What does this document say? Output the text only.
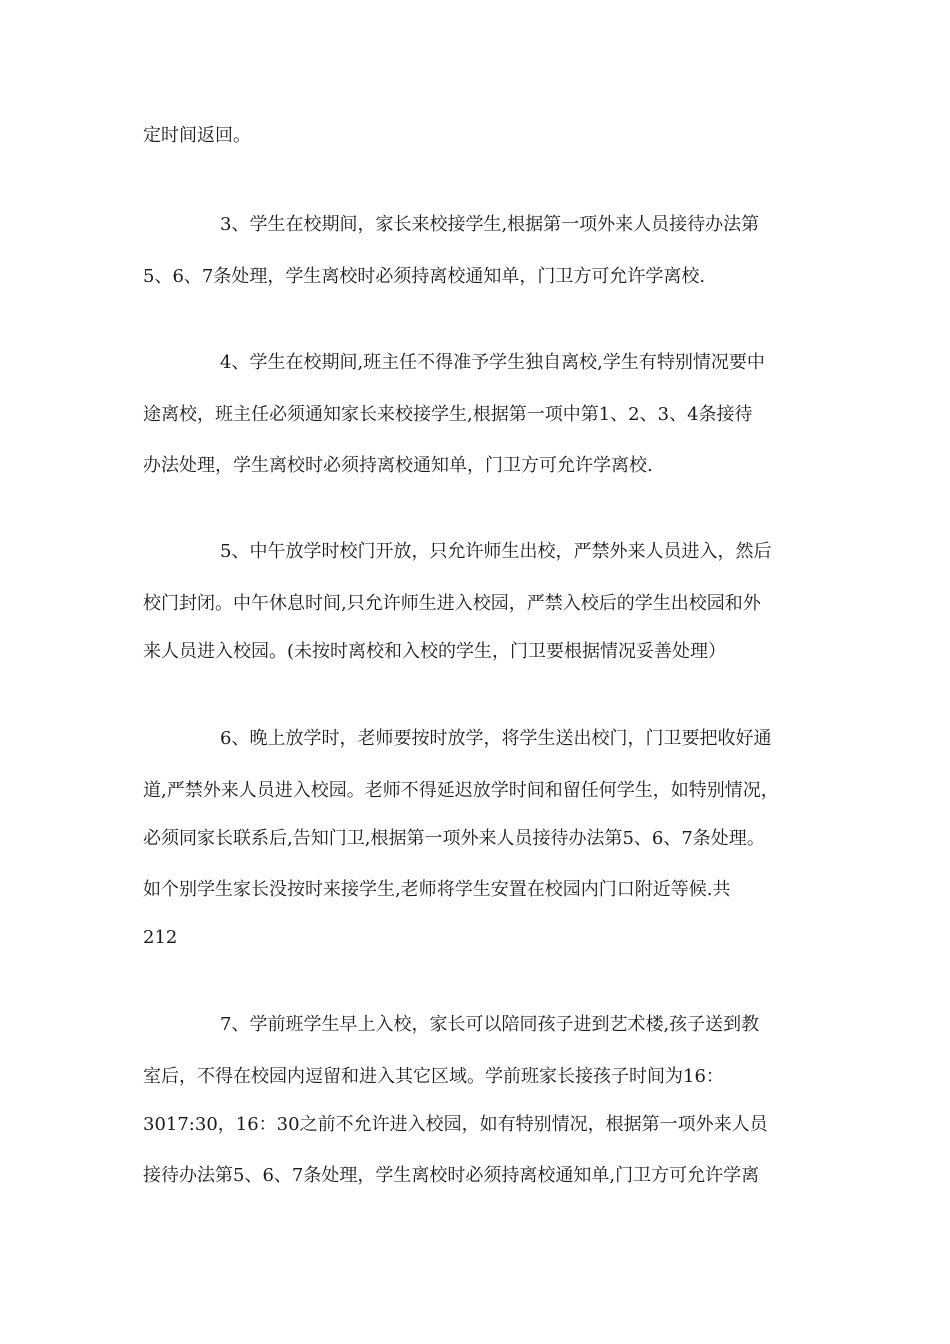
定时间返回。
3、学生在校期间，家长来校接学生,根据第一项外来人员接待办法第
5、6、7条处理，学生离校时必须持离校通知单，门卫方可允许学离校.
4、学生在校期间,班主任不得准予学生独自离校,学生有特别情况要中
途离校，班主任必须通知家长来校接学生,根据第一项中第1、2、3、4条接待
办法处理，学生离校时必须持离校通知单，门卫方可允许学离校.
5、中午放学时校门开放，只允许师生出校，严禁外来人员进入，然后
校门封闭。中午休息时间,只允许师生进入校园，严禁入校后的学生出校园和外
来人员进入校园。(未按时离校和入校的学生，门卫要根据情况妥善处理）
6、晚上放学时，老师要按时放学，将学生送出校门，门卫要把收好通
道,严禁外来人员进入校园。老师不得延迟放学时间和留任何学生，如特别情况，
必须同家长联系后,告知门卫,根据第一项外来人员接待办法第5、6、7条处理。
如个别学生家长没按时来接学生,老师将学生安置在校园内门口附近等候.共
212
7、学前班学生早上入校，家长可以陪同孩子进到艺术楼,孩子送到教
室后，不得在校园内逗留和进入其它区域。学前班家长接孩子时间为16：
3017:30，16：30之前不允许进入校园，如有特别情况，根据第一项外来人员
接待办法第5、6、7条处理，学生离校时必须持离校通知单,门卫方可允许学离
